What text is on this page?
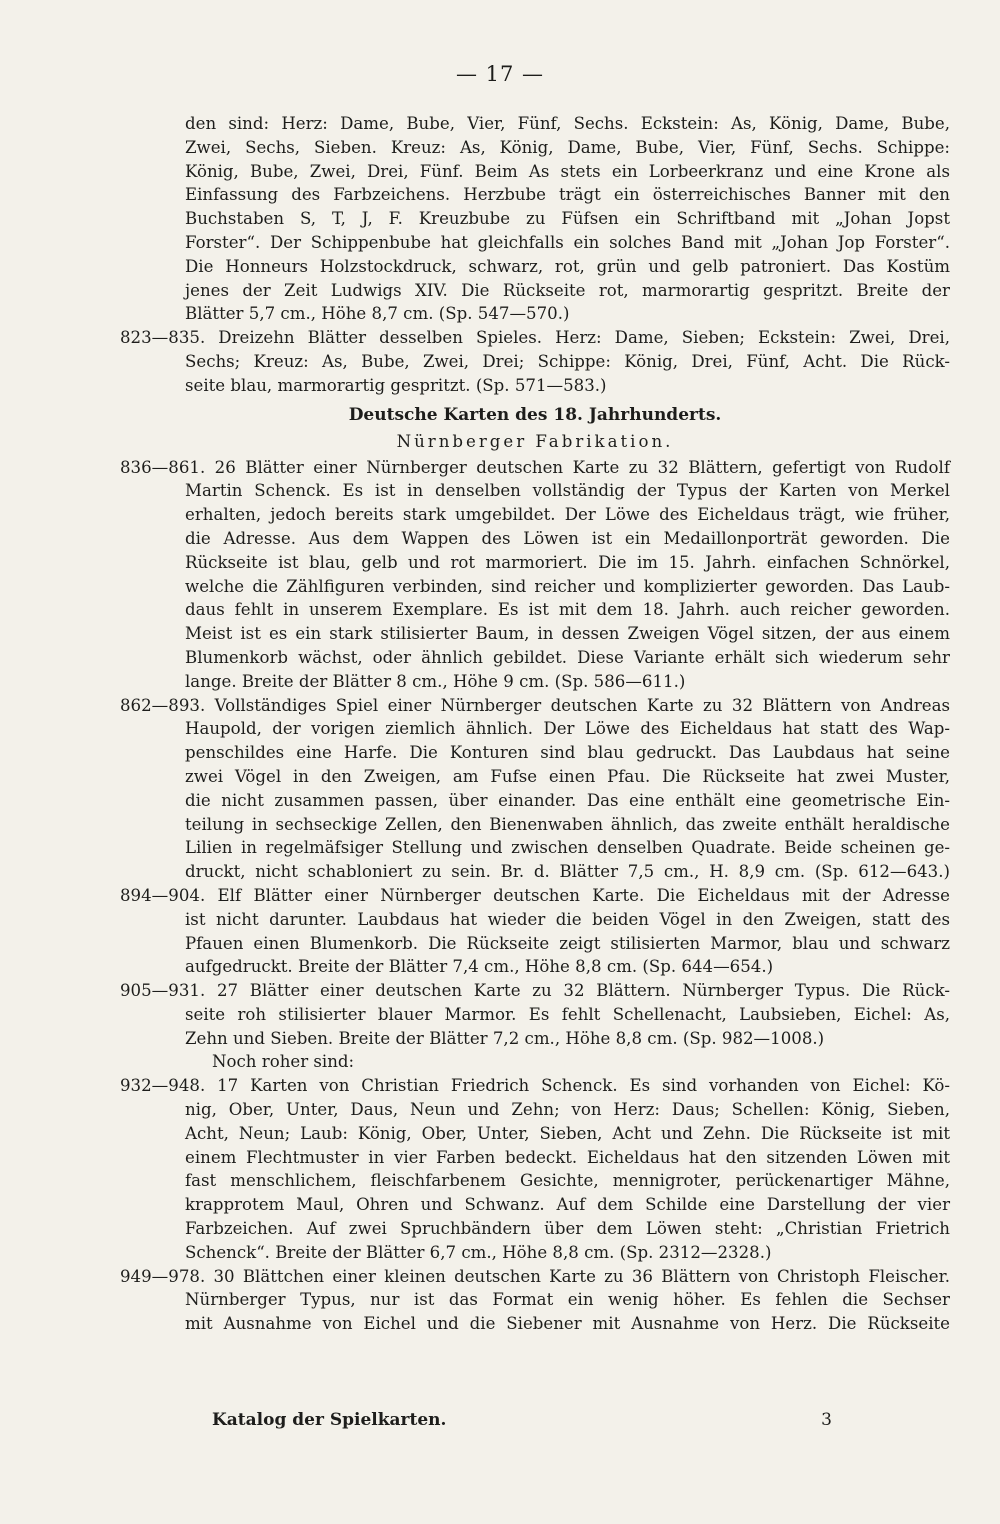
— 17 —
den sind: Herz: Dame, Bube, Vier, Fünf, Sechs. Eckstein: As, König, Dame, Bube,
Zwei, Sechs, Sieben. Kreuz: As, König, Dame, Bube, Vier, Fünf, Sechs. Schippe:
König, Bube, Zwei, Drei, Fünf. Beim As stets ein Lorbeerkranz und eine Krone als
Einfassung des Farbzeichens. Herzbube trägt ein österreichisches Banner mit den
Buchstaben S, T, J, F. Kreuzbube zu Füfsen ein Schriftband mit „Johan Jopst
Forster“. Der Schippenbube hat gleichfalls ein solches Band mit „Johan Jop Forster“.
Die Honneurs Holzstockdruck, schwarz, rot, grün und gelb patroniert. Das Kostüm
jenes der Zeit Ludwigs XIV. Die Rückseite rot, marmorartig gespritzt. Breite der
Blätter 5,7 cm., Höhe 8,7 cm. (Sp. 547—570.)
823—835. Dreizehn Blätter desselben Spieles. Herz: Dame, Sieben; Eckstein: Zwei, Drei,
Sechs; Kreuz: As, Bube, Zwei, Drei; Schippe: König, Drei, Fünf, Acht. Die Rück-
seite blau, marmorartig gespritzt. (Sp. 571—583.)
Deutsche Karten des 18. Jahrhunderts.
Nürnberger Fabrikation.
836—861. 26 Blätter einer Nürnberger deutschen Karte zu 32 Blättern, gefertigt von Rudolf
Martin Schenck. Es ist in denselben vollständig der Typus der Karten von Merkel
erhalten, jedoch bereits stark umgebildet. Der Löwe des Eicheldaus trägt, wie früher,
die Adresse. Aus dem Wappen des Löwen ist ein Medaillonporträt geworden. Die
Rückseite ist blau, gelb und rot marmoriert. Die im 15. Jahrh. einfachen Schnörkel,
welche die Zählfiguren verbinden, sind reicher und komplizierter geworden. Das Laub-
daus fehlt in unserem Exemplare. Es ist mit dem 18. Jahrh. auch reicher geworden.
Meist ist es ein stark stilisierter Baum, in dessen Zweigen Vögel sitzen, der aus einem
Blumenkorb wächst, oder ähnlich gebildet. Diese Variante erhält sich wiederum sehr
lange. Breite der Blätter 8 cm., Höhe 9 cm. (Sp. 586—611.)
862—893. Vollständiges Spiel einer Nürnberger deutschen Karte zu 32 Blättern von Andreas
Haupold, der vorigen ziemlich ähnlich. Der Löwe des Eicheldaus hat statt des Wap-
penschildes eine Harfe. Die Konturen sind blau gedruckt. Das Laubdaus hat seine
zwei Vögel in den Zweigen, am Fufse einen Pfau. Die Rückseite hat zwei Muster,
die nicht zusammen passen, über einander. Das eine enthält eine geometrische Ein-
teilung in sechseckige Zellen, den Bienenwaben ähnlich, das zweite enthält heraldische
Lilien in regelmäfsiger Stellung und zwischen denselben Quadrate. Beide scheinen ge-
druckt, nicht schabloniert zu sein. Br. d. Blätter 7,5 cm., H. 8,9 cm. (Sp. 612—643.)
894—904. Elf Blätter einer Nürnberger deutschen Karte. Die Eicheldaus mit der Adresse
ist nicht darunter. Laubdaus hat wieder die beiden Vögel in den Zweigen, statt des
Pfauen einen Blumenkorb. Die Rückseite zeigt stilisierten Marmor, blau und schwarz
aufgedruckt. Breite der Blätter 7,4 cm., Höhe 8,8 cm. (Sp. 644—654.)
905—931. 27 Blätter einer deutschen Karte zu 32 Blättern. Nürnberger Typus. Die Rück-
seite roh stilisierter blauer Marmor. Es fehlt Schellenacht, Laubsieben, Eichel: As,
Zehn und Sieben. Breite der Blätter 7,2 cm., Höhe 8,8 cm. (Sp. 982—1008.)
Noch roher sind:
932—948. 17 Karten von Christian Friedrich Schenck. Es sind vorhanden von Eichel: Kö-
nig, Ober, Unter, Daus, Neun und Zehn; von Herz: Daus; Schellen: König, Sieben,
Acht, Neun; Laub: König, Ober, Unter, Sieben, Acht und Zehn. Die Rückseite ist mit
einem Flechtmuster in vier Farben bedeckt. Eicheldaus hat den sitzenden Löwen mit
fast menschlichem, fleischfarbenem Gesichte, mennigroter, perückenartiger Mähne,
krapprotem Maul, Ohren und Schwanz. Auf dem Schilde eine Darstellung der vier
Farbzeichen. Auf zwei Spruchbändern über dem Löwen steht: „Christian Frietrich
Schenck“. Breite der Blätter 6,7 cm., Höhe 8,8 cm. (Sp. 2312—2328.)
949—978. 30 Blättchen einer kleinen deutschen Karte zu 36 Blättern von Christoph Fleischer.
Nürnberger Typus, nur ist das Format ein wenig höher. Es fehlen die Sechser
mit Ausnahme von Eichel und die Siebener mit Ausnahme von Herz. Die Rückseite
Katalog der Spielkarten.	3
